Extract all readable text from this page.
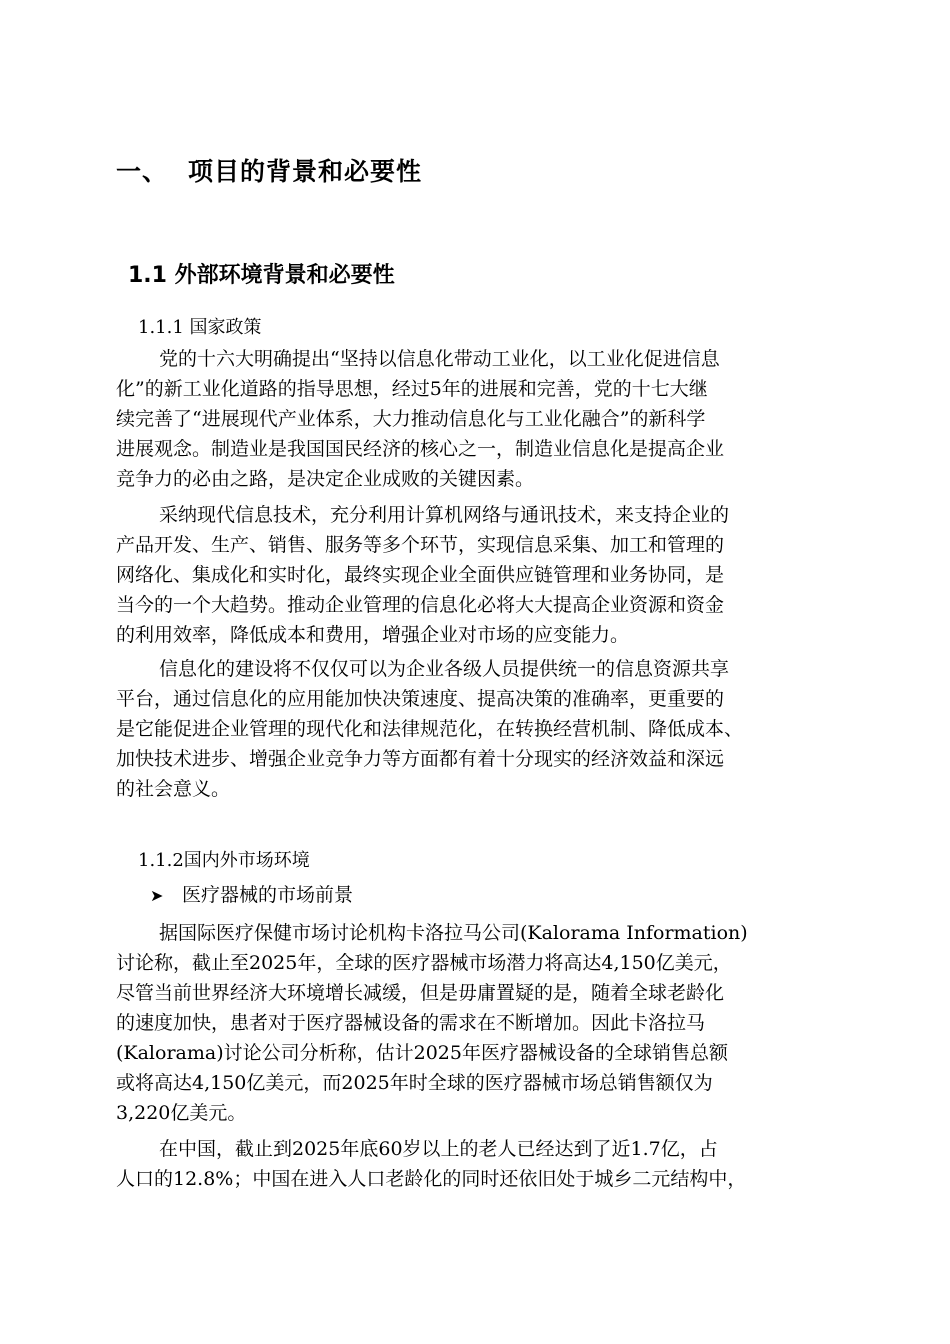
一、 项目的背景和必要性
1.1 外部环境背景和必要性
1.1.1 国家政策
党的十六大明确提出“坚持以信息化带动工业化，以工业化促进信息
化”的新工业化道路的指导思想，经过5年的进展和完善，党的十七大继
续完善了“进展现代产业体系，大力推动信息化与工业化融合”的新科学
进展观念。制造业是我国国民经济的核心之一，制造业信息化是提高企业
竞争力的必由之路，是决定企业成败的关键因素。
采纳现代信息技术，充分利用计算机网络与通讯技术，来支持企业的
产品开发、生产、销售、服务等多个环节，实现信息采集、加工和管理的
网络化、集成化和实时化，最终实现企业全面供应链管理和业务协同，是
当今的一个大趋势。推动企业管理的信息化必将大大提高企业资源和资金
的利用效率，降低成本和费用，增强企业对市场的应变能力。
信息化的建设将不仅仅可以为企业各级人员提供统一的信息资源共享
平台，通过信息化的应用能加快决策速度、提高决策的准确率，更重要的
是它能促进企业管理的现代化和法律规范化，在转换经营机制、降低成本、
加快技术进步、增强企业竞争力等方面都有着十分现实的经济效益和深远
的社会意义。
1.1.2国内外市场环境
➤ 医疗器械的市场前景
据国际医疗保健市场讨论机构卡洛拉马公司(Kalorama Information)
讨论称，截止至2025年，全球的医疗器械市场潜力将高达4,150亿美元，
尽管当前世界经济大环境增长减缓，但是毋庸置疑的是，随着全球老龄化
的速度加快，患者对于医疗器械设备的需求在不断增加。因此卡洛拉马
(Kalorama)讨论公司分析称，估计2025年医疗器械设备的全球销售总额
或将高达4,150亿美元，而2025年时全球的医疗器械市场总销售额仅为
3,220亿美元。
在中国，截止到2025年底60岁以上的老人已经达到了近1.7亿，占
人口的12.8%；中国在进入人口老龄化的同时还依旧处于城乡二元结构中，
